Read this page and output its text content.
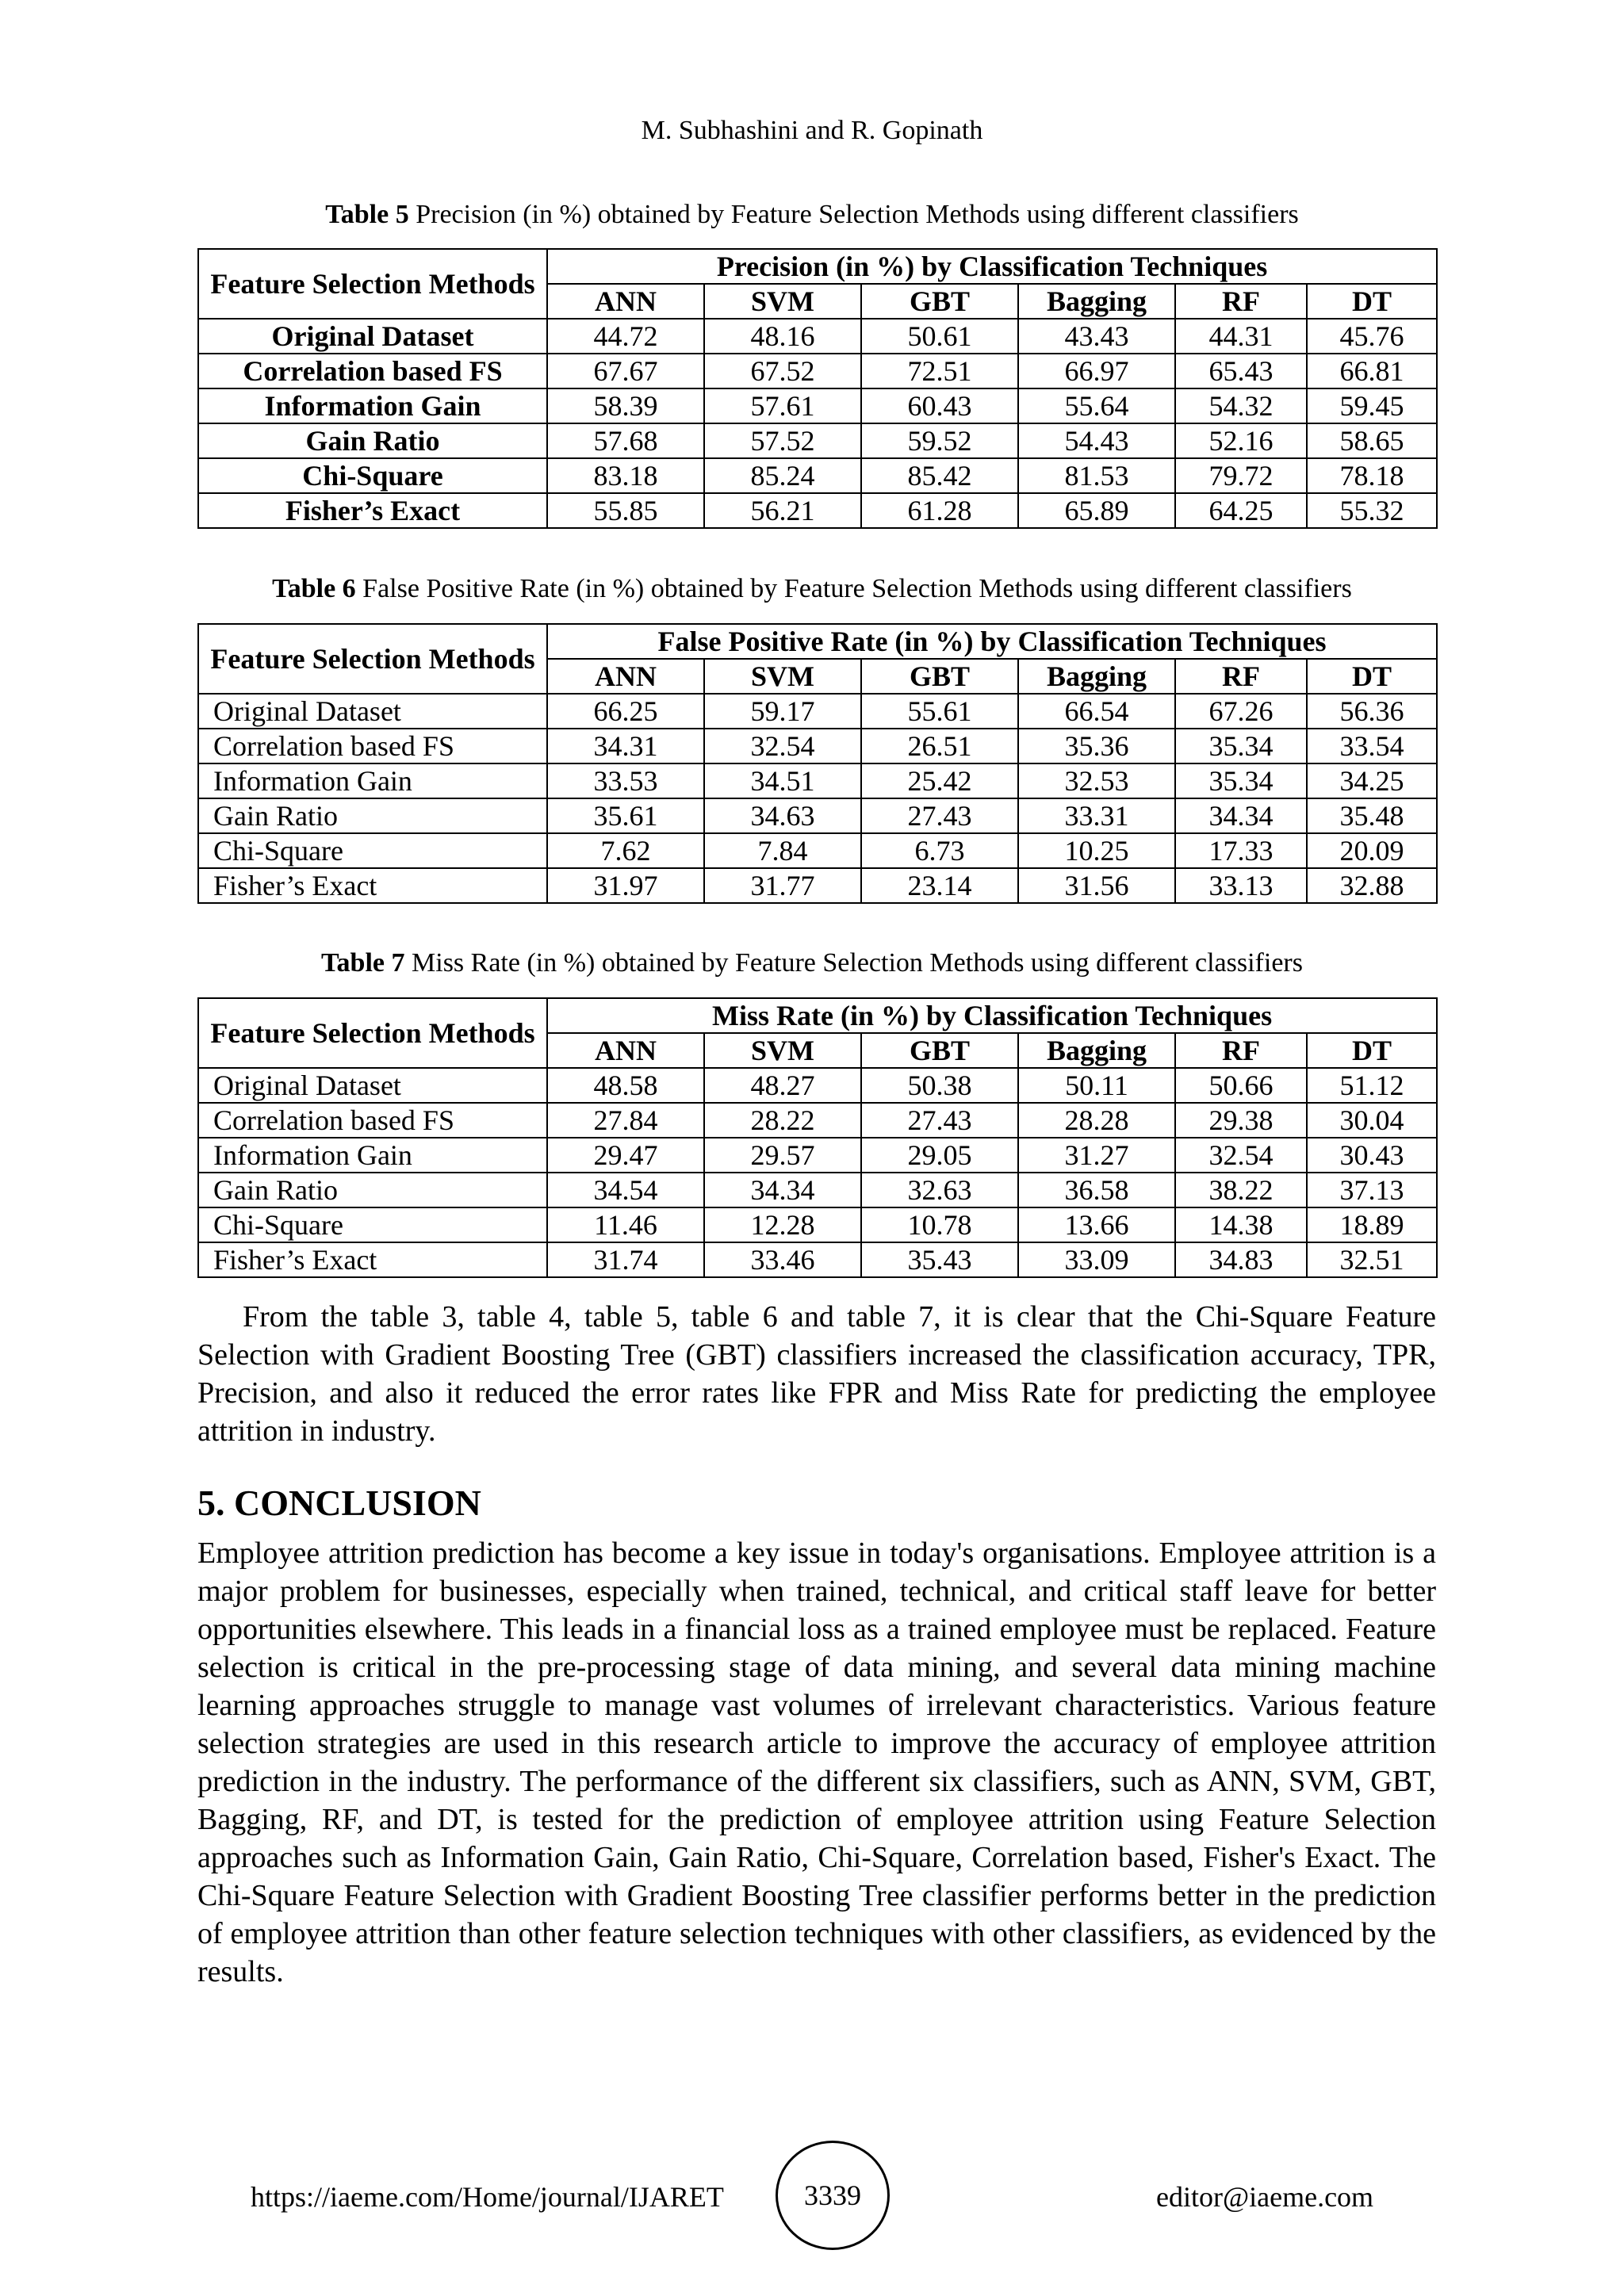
M. Subhashini and R. Gopinath
Table 5 Precision (in %) obtained by Feature Selection Methods using different classifiers
Feature Selection Methods	Precision (in %) by Classification Techniques					
	ANN	SVM	GBT	Bagging	RF	DT
Original Dataset	44.72	48.16	50.61	43.43	44.31	45.76
Correlation based FS	67.67	67.52	72.51	66.97	65.43	66.81
Information Gain	58.39	57.61	60.43	55.64	54.32	59.45
Gain Ratio	57.68	57.52	59.52	54.43	52.16	58.65
Chi-Square	83.18	85.24	85.42	81.53	79.72	78.18
Fisher’s Exact	55.85	56.21	61.28	65.89	64.25	55.32
Table 6 False Positive Rate (in %) obtained by Feature Selection Methods using different classifiers
Feature Selection Methods	False Positive Rate (in %) by Classification Techniques					
	ANN	SVM	GBT	Bagging	RF	DT
Original Dataset	66.25	59.17	55.61	66.54	67.26	56.36
Correlation based FS	34.31	32.54	26.51	35.36	35.34	33.54
Information Gain	33.53	34.51	25.42	32.53	35.34	34.25
Gain Ratio	35.61	34.63	27.43	33.31	34.34	35.48
Chi-Square	7.62	7.84	6.73	10.25	17.33	20.09
Fisher’s Exact	31.97	31.77	23.14	31.56	33.13	32.88
Table 7 Miss Rate (in %) obtained by Feature Selection Methods using different classifiers
Feature Selection Methods	Miss Rate (in %) by Classification Techniques					
	ANN	SVM	GBT	Bagging	RF	DT
Original Dataset	48.58	48.27	50.38	50.11	50.66	51.12
Correlation based FS	27.84	28.22	27.43	28.28	29.38	30.04
Information Gain	29.47	29.57	29.05	31.27	32.54	30.43
Gain Ratio	34.54	34.34	32.63	36.58	38.22	37.13
Chi-Square	11.46	12.28	10.78	13.66	14.38	18.89
Fisher’s Exact	31.74	33.46	35.43	33.09	34.83	32.51
From the table 3, table 4, table 5, table 6 and table 7, it is clear that the Chi-Square Feature Selection with Gradient Boosting Tree (GBT) classifiers increased the classification accuracy, TPR, Precision, and also it reduced the error rates like FPR and Miss Rate for predicting the employee attrition in industry.
5. CONCLUSION
Employee attrition prediction has become a key issue in today's organisations. Employee attrition is a major problem for businesses, especially when trained, technical, and critical staff leave for better opportunities elsewhere. This leads in a financial loss as a trained employee must be replaced. Feature selection is critical in the pre-processing stage of data mining, and several data mining machine learning approaches struggle to manage vast volumes of irrelevant characteristics. Various feature selection strategies are used in this research article to improve the accuracy of employee attrition prediction in the industry. The performance of the different six classifiers, such as ANN, SVM, GBT, Bagging, RF, and DT, is tested for the prediction of employee attrition using Feature Selection approaches such as Information Gain, Gain Ratio, Chi-Square, Correlation based, Fisher's Exact. The Chi-Square Feature Selection with Gradient Boosting Tree classifier performs better in the prediction of employee attrition than other feature selection techniques with other classifiers, as evidenced by the results.
https://iaeme.com/Home/journal/IJARET	3339	editor@iaeme.com
